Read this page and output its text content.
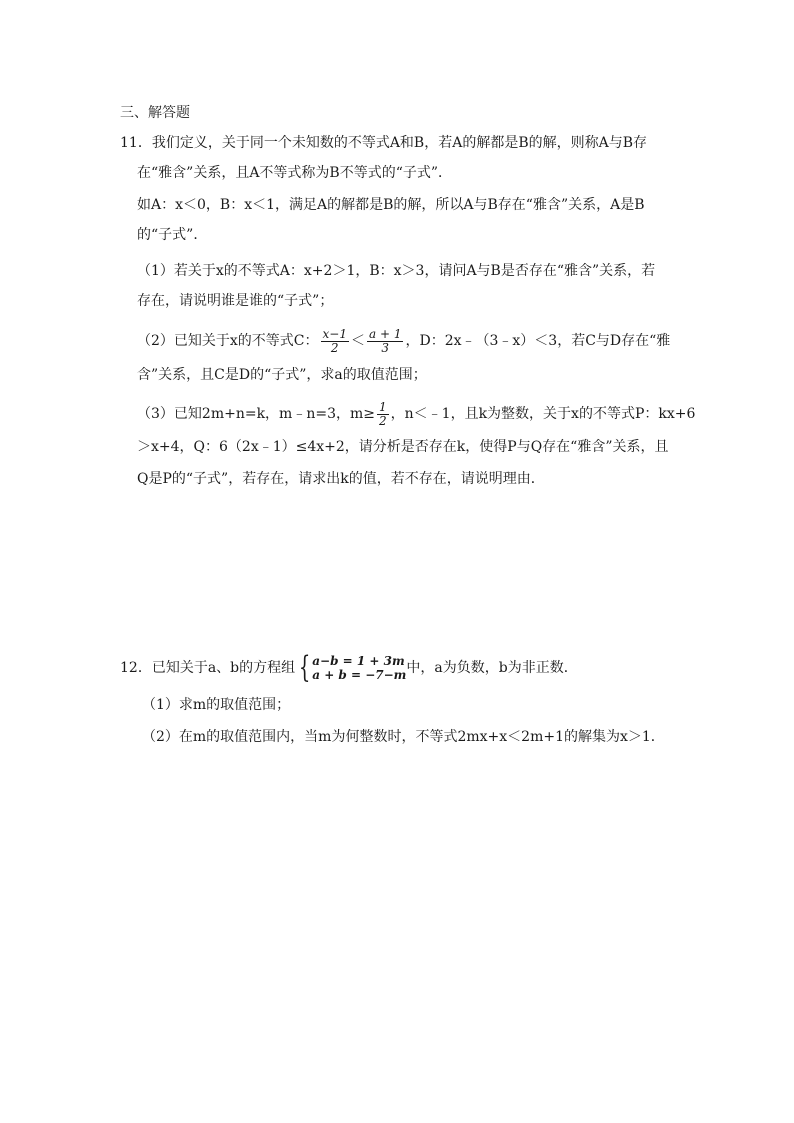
三、解答题
11．我们定义，关于同一个未知数的不等式A和B，若A的解都是B的解，则称A与B存
在“雅含”关系，且A不等式称为B不等式的“子式”．
如A：x＜0，B：x＜1，满足A的解都是B的解，所以A与B存在“雅含”关系，A是B
的“子式”．
（1）若关于x的不等式A：x+2＞1，B：x＞3，请问A与B是否存在“雅含”关系，若
存在，请说明谁是谁的“子式”；
（2）已知关于x的不等式C： $\frac{x-1}{2} < \frac{a + 1}{3}$ ，D：2x﹣（3﹣x）＜3，若C与D存在“雅
含”关系，且C是D的“子式”，求a的取值范围；
（3）已知2m+n=k，m﹣n=3，$m\ge \frac{1}{2}$ ，n＜﹣1，且k为整数，关于x的不等式P：kx+6
＞x+4，Q：6（2x﹣1）≤4x+2，请分析是否存在k，使得P与Q存在“雅含”关系，且
Q是P的“子式”，若存在，请求出k的值，若不存在，请说明理由．
12．已知关于a、b的方程组 { a−b = 1 + 3m
a + b = −7−m 中，a为负数，b为非正数．
（1）求m的取值范围；
（2）在m的取值范围内，当m为何整数时，不等式2mx+x＜2m+1的解集为x＞1．
